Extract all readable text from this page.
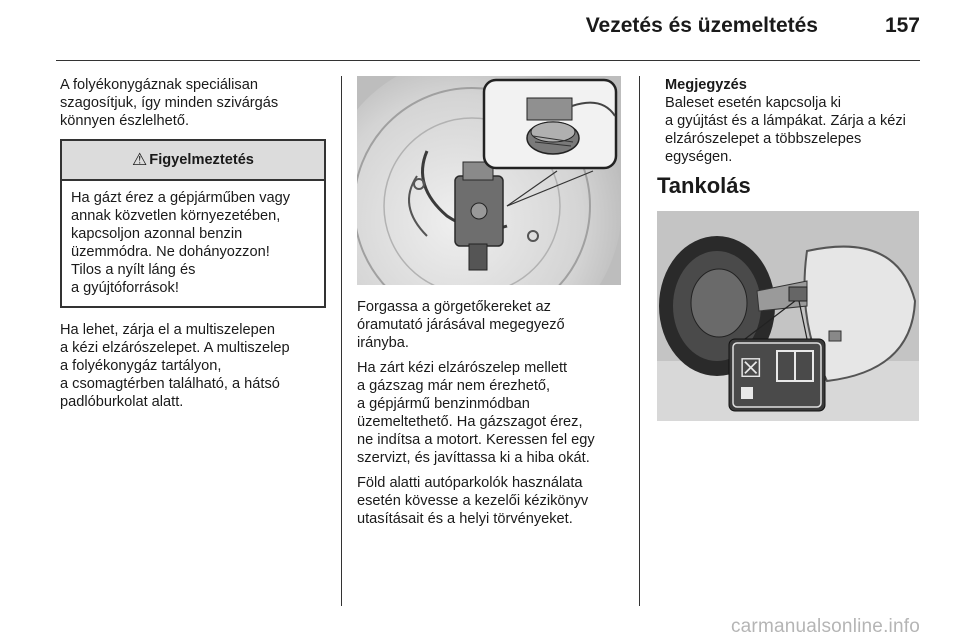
Vezetés és üzemeltetés	157

A folyékonygáznak speciálisan
szagosítjuk, így minden szivárgás
könnyen észlelhető.

⚠ Figyelmeztetés
Ha gázt érez a gépjárműben vagy
annak közvetlen környezetében,
kapcsoljon azonnal benzin
üzemmódra. Ne dohányozzon!
Tilos a nyílt láng és
a gyújtóforrások!

Ha lehet, zárja el a multiszelepen
a kézi elzárószelepet. A multiszelep
a folyékonygáz tartályon,
a csomagtérben található, a hátsó
padlóburkolat alatt.

Forgassa a görgetőkereket az
óramutató járásával megegyező
irányba.

Ha zárt kézi elzárószelep mellett
a gázszag már nem érezhető,
a gépjármű benzinmódban
üzemeltethető. Ha gázszagot érez,
ne indítsa a motort. Keressen fel egy
szervizt, és javíttassa ki a hiba okát.

Föld alatti autóparkolók használata
esetén kövesse a kezelői kézikönyv
utasításait és a helyi törvényeket.

Megjegyzés

Baleset esetén kapcsolja ki
a gyújtást és a lámpákat. Zárja a kézi
elzárószelepet a többszelepes
egységen.

Tankolás
☒
carmanualsonline.info
